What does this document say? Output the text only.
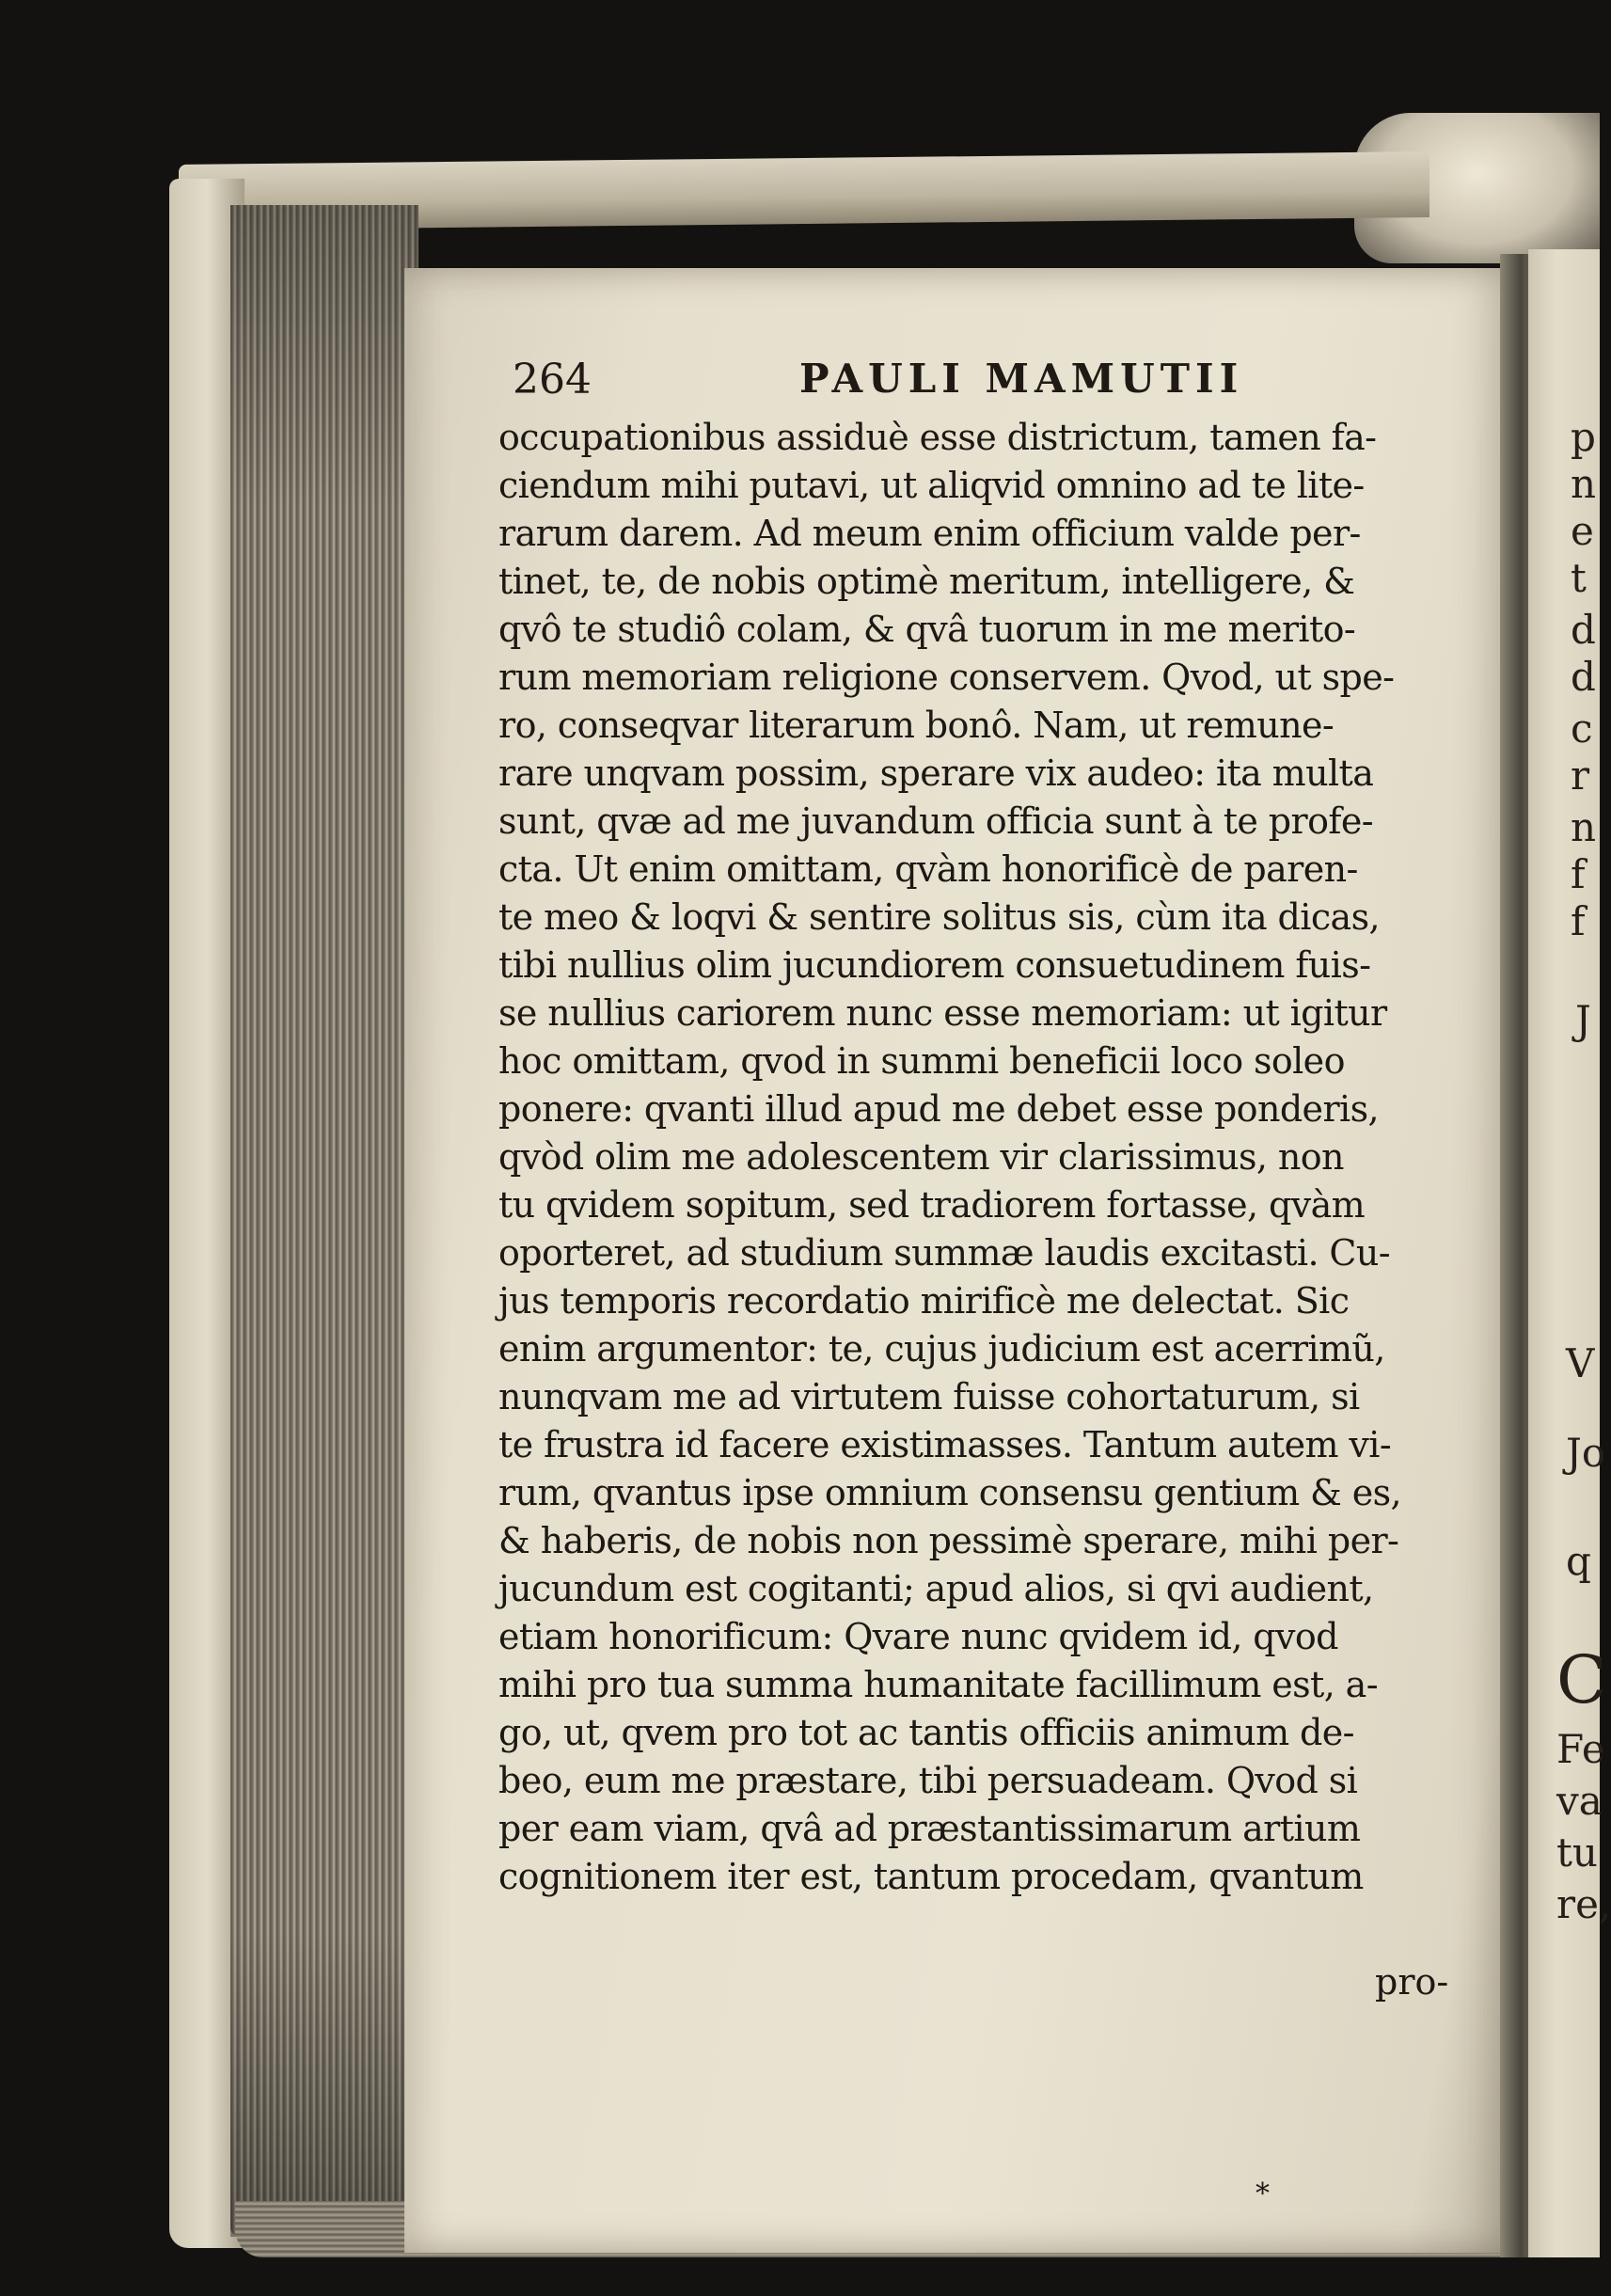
p
n
e
t
d
d
c
r
n
f
f
J
V
Jo
q
C
Fe
va
tu
re,
264	PAULI MAMUTII
occupationibus assiduè esse districtum, tamen fa-
ciendum mihi putavi, ut aliqvid omnino ad te lite-
rarum darem. Ad meum enim officium valde per-
tinet, te, de nobis optimè meritum, intelligere, &
qvô te studiô colam, & qvâ tuorum in me merito-
rum memoriam religione conservem. Qvod, ut spe-
ro, conseqvar literarum bonô. Nam, ut remune-
rare unqvam possim, sperare vix audeo: ita multa
sunt, qvæ ad me juvandum officia sunt à te profe-
cta. Ut enim omittam, qvàm honorificè de paren-
te meo & loqvi & sentire solitus sis, cùm ita dicas,
tibi nullius olim jucundiorem consuetudinem fuis-
se nullius cariorem nunc esse memoriam: ut igitur
hoc omittam, qvod in summi beneficii loco soleo
ponere: qvanti illud apud me debet esse ponderis,
qvòd olim me adolescentem vir clarissimus, non
tu qvidem sopitum, sed tradiorem fortasse, qvàm
oporteret, ad studium summæ laudis excitasti. Cu-
jus temporis recordatio mirificè me delectat. Sic
enim argumentor: te, cujus judicium est acerrimũ,
nunqvam me ad virtutem fuisse cohortaturum, si
te frustra id facere existimasses. Tantum autem vi-
rum, qvantus ipse omnium consensu gentium & es,
& haberis, de nobis non pessimè sperare, mihi per-
jucundum est cogitanti; apud alios, si qvi audient,
etiam honorificum: Qvare nunc qvidem id, qvod
mihi pro tua summa humanitate facillimum est, a-
go, ut, qvem pro tot ac tantis officiis animum de-
beo, eum me præstare, tibi persuadeam. Qvod si
per eam viam, qvâ ad præstantissimarum artium
cognitionem iter est, tantum procedam, qvantum
pro-
*
